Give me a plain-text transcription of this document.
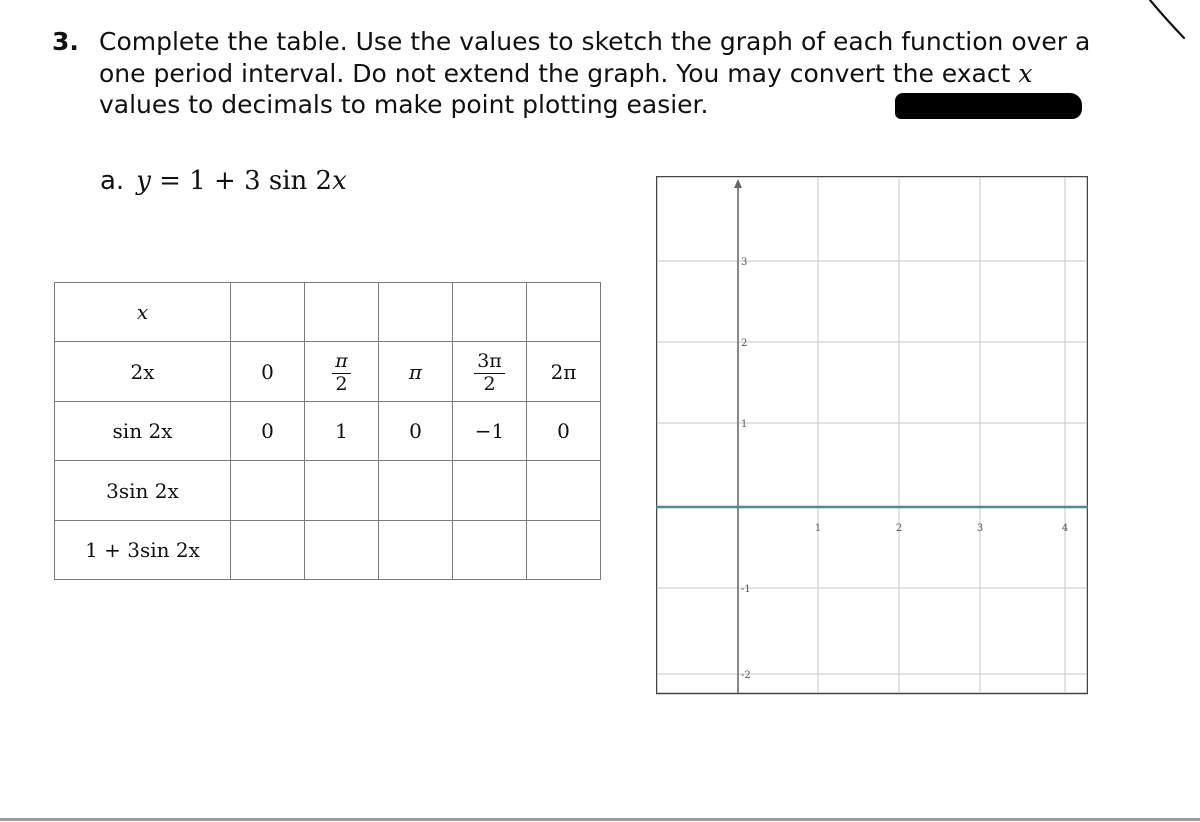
3. Complete the table. Use the values to sketch the graph of each function over a
one period interval. Do not extend the graph. You may convert the exact x
values to decimals to make point plotting easier.
a. y = 1 + 3 sin 2x
x					
2x	0	$\frac{\pi}{2}$	π	$\frac{3\pi}{2}$	2π
sin 2x	0	1	0	−1	0
3sin 2x					
1 + 3sin 2x					
3
2
1
-1
-2
1	2	3	4
